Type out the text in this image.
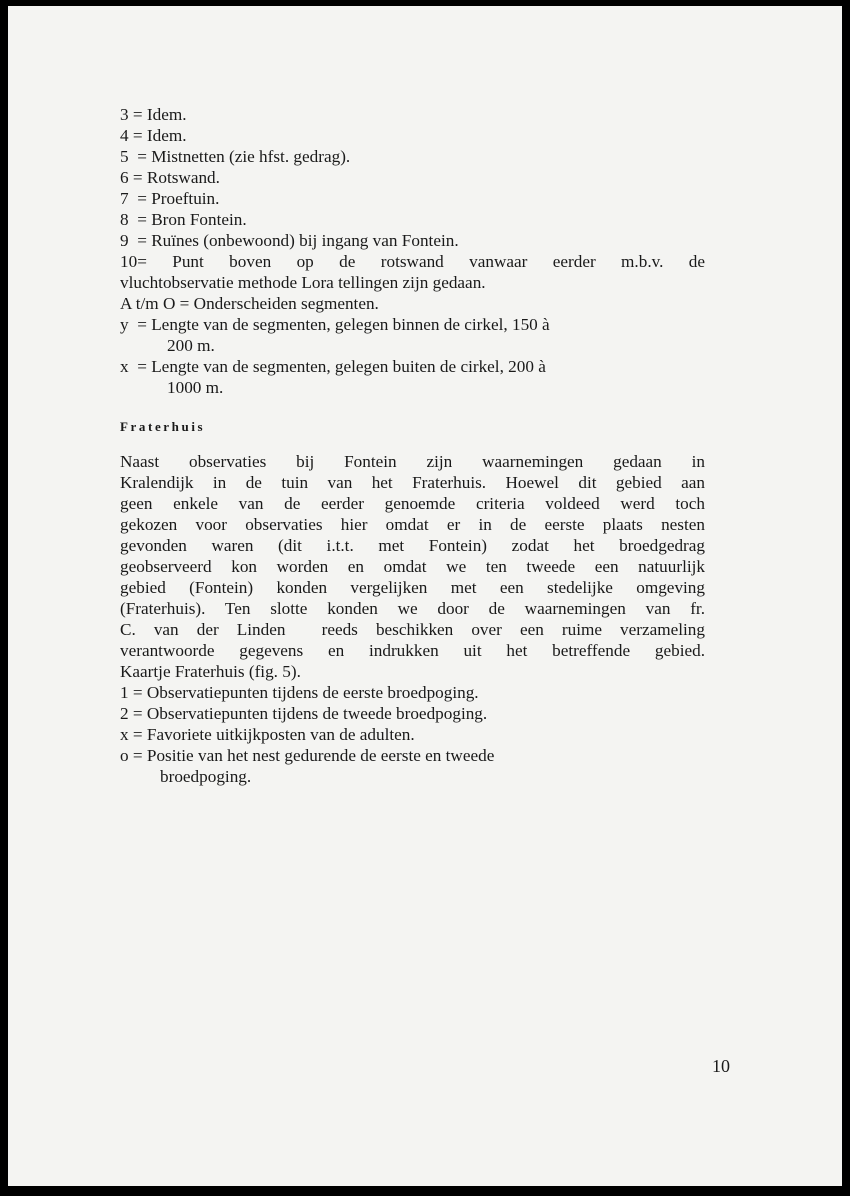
3 = Idem.
4 = Idem.
5 = Mistnetten (zie hfst. gedrag).
6 = Rotswand.
7 = Proeftuin.
8 = Bron Fontein.
9 = Ruïnes (onbewoond) bij ingang van Fontein.
10= Punt boven op de rotswand vanwaar eerder m.b.v. de
vluchtobservatie methode Lora tellingen zijn gedaan.
A t/m O = Onderscheiden segmenten.
y = Lengte van de segmenten, gelegen binnen de cirkel, 150 à
200 m.
x = Lengte van de segmenten, gelegen buiten de cirkel, 200 à
1000 m.
Fraterhuis
Naast observaties bij Fontein zijn waarnemingen gedaan in
Kralendijk in de tuin van het Fraterhuis. Hoewel dit gebied aan
geen enkele van de eerder genoemde criteria voldeed werd toch
gekozen voor observaties hier omdat er in de eerste plaats nesten
gevonden waren (dit i.t.t. met Fontein) zodat het broedgedrag
geobserveerd kon worden en omdat we ten tweede een natuurlijk
gebied (Fontein) konden vergelijken met een stedelijke omgeving
(Fraterhuis). Ten slotte konden we door de waarnemingen van fr.
C. van der Linden  reeds beschikken over een ruime verzameling
verantwoorde gegevens en indrukken uit het betreffende gebied.
Kaartje Fraterhuis (fig. 5).
1 = Observatiepunten tijdens de eerste broedpoging.
2 = Observatiepunten tijdens de tweede broedpoging.
x = Favoriete uitkijkposten van de adulten.
o = Positie van het nest gedurende de eerste en tweede
broedpoging.
10
